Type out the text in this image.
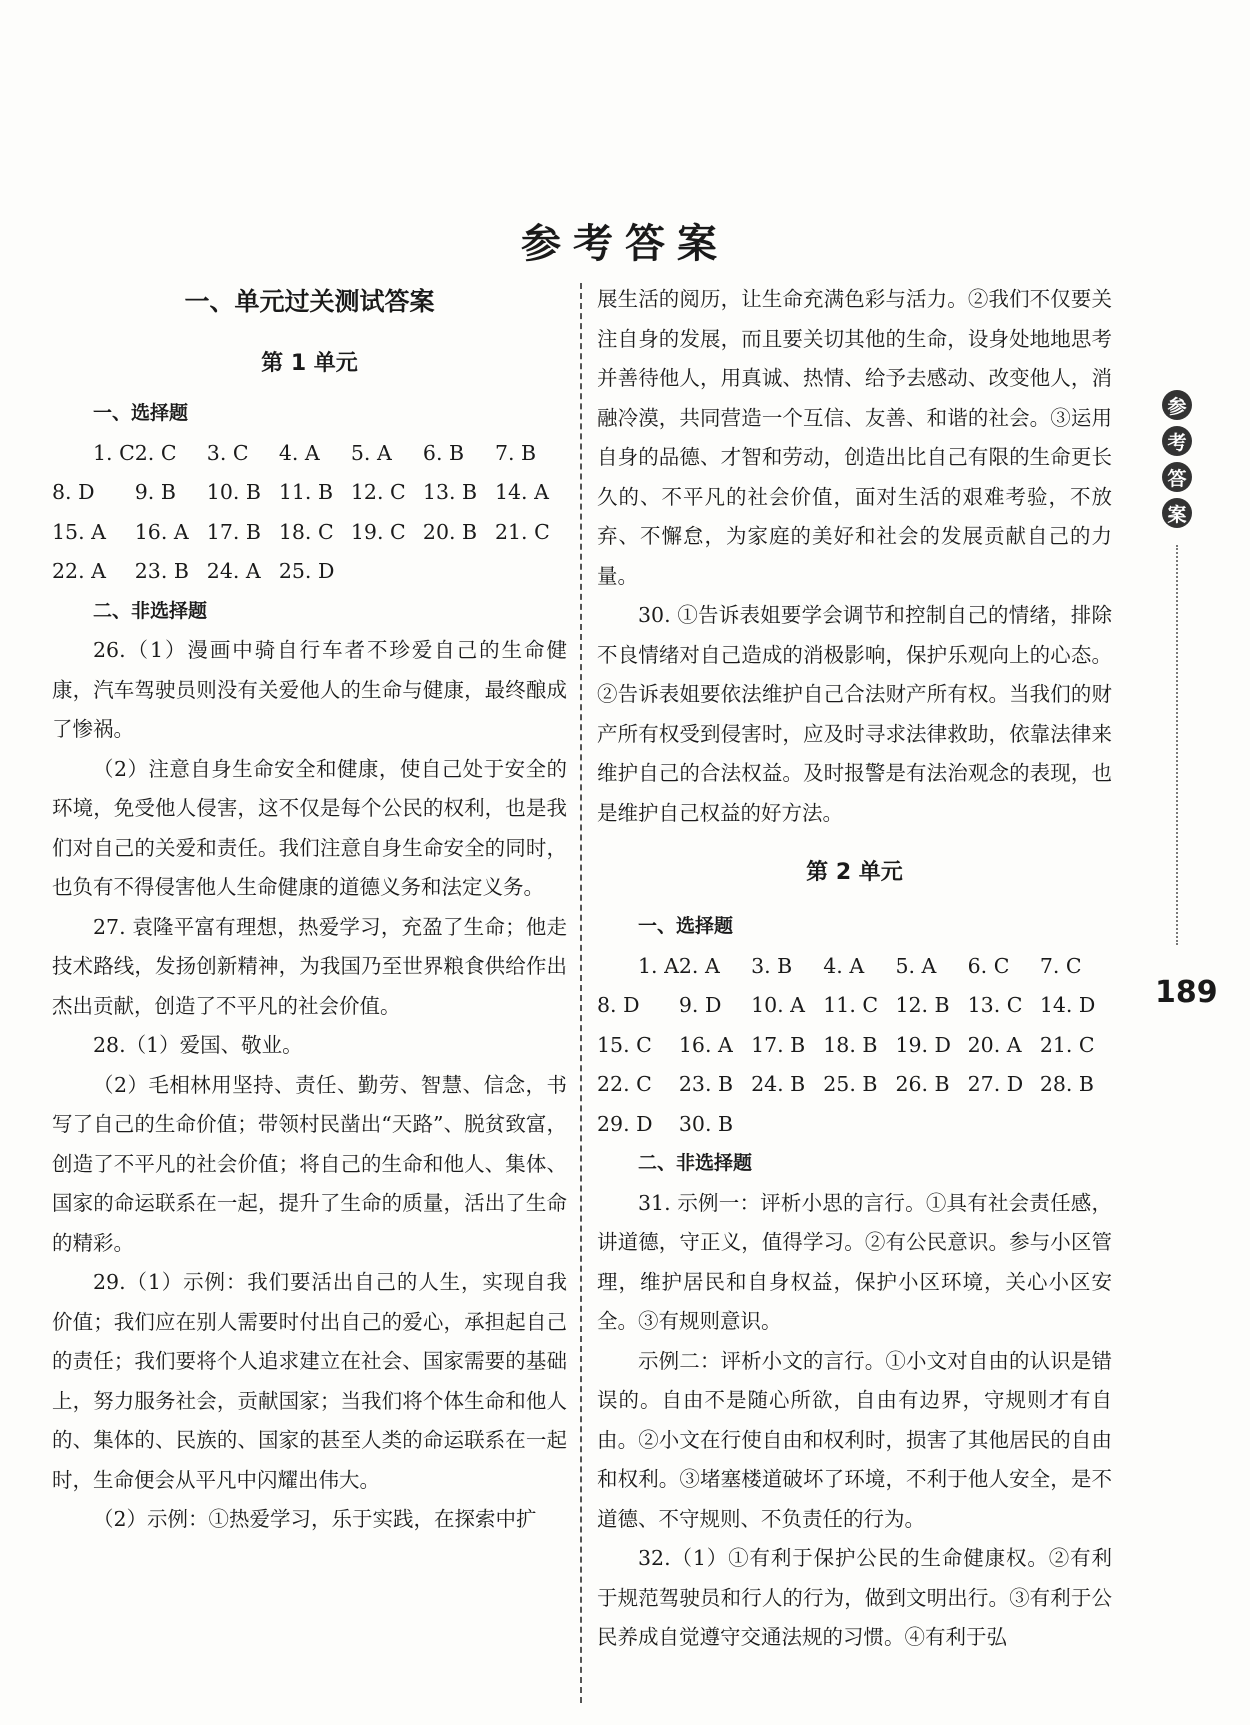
参考答案
一、单元过关测试答案
第 1 单元
一、选择题
1. C 2. C	3. C	4. A	5. A	6. B	7. B
8. D	9. B	10. B 11. B 12. C 13. B 14. A
15. A	16. A 17. B 18. C 19. C 20. B 21. C
22. A	23. B 24. A 25. D
二、非选择题

26.（1）漫画中骑自行车者不珍爱自己的生命健康，汽车驾驶员则没有关爱他人的生命与健康，最终酿成了惨祸。

（2）注意自身生命安全和健康，使自己处于安全的环境，免受他人侵害，这不仅是每个公民的权利，也是我们对自己的关爱和责任。我们注意自身生命安全的同时，也负有不得侵害他人生命健康的道德义务和法定义务。

27. 袁隆平富有理想，热爱学习，充盈了生命；他走技术路线，发扬创新精神，为我国乃至世界粮食供给作出杰出贡献，创造了不平凡的社会价值。

28.（1）爱国、敬业。

（2）毛相林用坚持、责任、勤劳、智慧、信念，书写了自己的生命价值；带领村民凿出“天路”、脱贫致富，创造了不平凡的社会价值；将自己的生命和他人、集体、国家的命运联系在一起，提升了生命的质量，活出了生命的精彩。

29.（1）示例：我们要活出自己的人生，实现自我价值；我们应在别人需要时付出自己的爱心，承担起自己的责任；我们要将个人追求建立在社会、国家需要的基础上，努力服务社会，贡献国家；当我们将个体生命和他人的、集体的、民族的、国家的甚至人类的命运联系在一起时，生命便会从平凡中闪耀出伟大。

（2）示例：①热爱学习，乐于实践，在探索中扩

展生活的阅历，让生命充满色彩与活力。②我们不仅要关注自身的发展，而且要关切其他的生命，设身处地地思考并善待他人，用真诚、热情、给予去感动、改变他人，消融冷漠，共同营造一个互信、友善、和谐的社会。③运用自身的品德、才智和劳动，创造出比自己有限的生命更长久的、不平凡的社会价值，面对生活的艰难考验，不放弃、不懈怠，为家庭的美好和社会的发展贡献自己的力量。

30. ①告诉表姐要学会调节和控制自己的情绪，排除不良情绪对自己造成的消极影响，保护乐观向上的心态。②告诉表姐要依法维护自己合法财产所有权。当我们的财产所有权受到侵害时，应及时寻求法律救助，依靠法律来维护自己的合法权益。及时报警是有法治观念的表现，也是维护自己权益的好方法。

第 2 单元
一、选择题
1. A 2. A	3. B	4. A	5. A	6. C	7. C
8. D	9. D	10. A 11. C 12. B 13. C 14. D
15. C	16. A 17. B 18. B 19. D 20. A 21. C
22. C	23. B 24. B 25. B 26. B 27. D 28. B
29. D	30. B
二、非选择题

31. 示例一：评析小思的言行。①具有社会责任感，讲道德，守正义，值得学习。②有公民意识。参与小区管理，维护居民和自身权益，保护小区环境，关心小区安全。③有规则意识。

示例二：评析小文的言行。①小文对自由的认识是错误的。自由不是随心所欲，自由有边界，守规则才有自由。②小文在行使自由和权利时，损害了其他居民的自由和权利。③堵塞楼道破坏了环境，不利于他人安全，是不道德、不守规则、不负责任的行为。

32.（1）①有利于保护公民的生命健康权。②有利于规范驾驶员和行人的行为，做到文明出行。③有利于公民养成自觉遵守交通法规的习惯。④有利于弘

参
考
答
案
189
